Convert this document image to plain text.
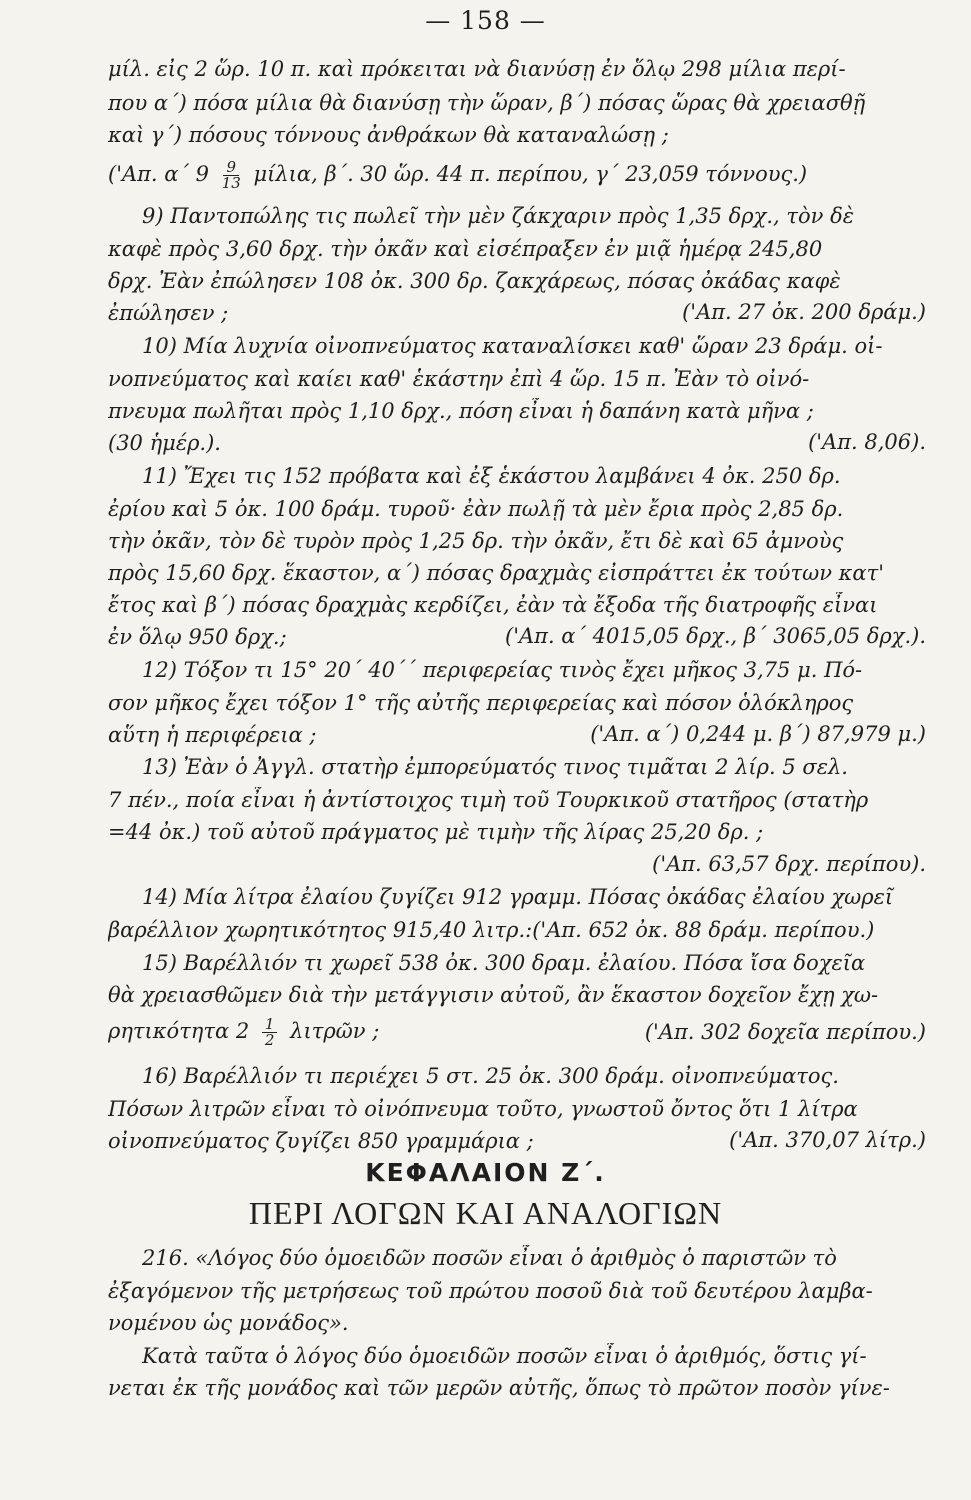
— 158 —
μίλ. εἰς 2 ὥρ. 10 π. καὶ πρόκειται νὰ διανύσῃ ἐν ὅλῳ 298 μίλια περί-
που α΄) πόσα μίλια θὰ διανύσῃ τὴν ὥραν, β΄) πόσας ὥρας θὰ χρειασθῇ
καὶ γ΄) πόσους τόννους ἀνθράκων θὰ καταναλώσῃ ;
('Απ. α΄ $9 \frac{9}{13} \mu ί\lambda\iota\alpha$, β΄. 30 ὥρ. 44 π. περίπου, γ΄ 23,059 τόννους.)
9) Παντοπώλης τις πωλεῖ τὴν μὲν ζάκχαριν πρὸς 1,35 δρχ., τὸν δὲ
καφὲ πρὸς 3,60 δρχ. τὴν ὀκᾶν καὶ εἰσέπραξεν ἐν μιᾷ ἡμέρᾳ 245,80
δρχ. Ἐὰν ἐπώλησεν 108 ὀκ. 300 δρ. ζακχάρεως, πόσας ὀκάδας καφὲ
ἐπώλησεν ;	('Απ. 27 ὀκ. 200 δράμ.)
10) Μία λυχνία οἰνοπνεύματος καταναλίσκει καθ' ὥραν 23 δράμ. οἰ-
νοπνεύματος καὶ καίει καθ' ἑκάστην ἐπὶ 4 ὥρ. 15 π. Ἐὰν τὸ οἰνό-
πνευμα πωλῆται πρὸς 1,10 δρχ., πόση εἶναι ἡ δαπάνη κατὰ μῆνα ;
(30 ἡμέρ.).	('Απ. 8,06).
11) Ἔχει τις 152 πρόβατα καὶ ἐξ ἑκάστου λαμβάνει 4 ὀκ. 250 δρ.
ἐρίου καὶ 5 ὀκ. 100 δράμ. τυροῦ· ἐὰν πωλῇ τὰ μὲν ἔρια πρὸς 2,85 δρ.
τὴν ὀκᾶν, τὸν δὲ τυρὸν πρὸς 1,25 δρ. τὴν ὀκᾶν, ἔτι δὲ καὶ 65 ἀμνοὺς
πρὸς 15,60 δρχ. ἕκαστον, α΄) πόσας δραχμὰς εἰσπράττει ἐκ τούτων κατ'
ἔτος καὶ β΄) πόσας δραχμὰς κερδίζει, ἐὰν τὰ ἔξοδα τῆς διατροφῆς εἶναι
ἐν ὅλῳ 950 δρχ.;	('Απ. α΄ 4015,05 δρχ., β΄ 3065,05 δρχ.).
12) Τόξον τι 15° 20΄ 40΄΄ περιφερείας τινὸς ἔχει μῆκος 3,75 μ. Πό-
σον μῆκος ἔχει τόξον 1° τῆς αὐτῆς περιφερείας καὶ πόσον ὁλόκληρος
αὕτη ἡ περιφέρεια ;	('Απ. α΄) 0,244 μ. β΄) 87,979 μ.)
13) Ἐὰν ὁ Ἀγγλ. στατὴρ ἐμπορεύματός τινος τιμᾶται 2 λίρ. 5 σελ.
7 πέν., ποία εἶναι ἡ ἀντίστοιχος τιμὴ τοῦ Τουρκικοῦ στατῆρος (στατὴρ
=44 ὀκ.) τοῦ αὐτοῦ πράγματος μὲ τιμὴν τῆς λίρας 25,20 δρ. ;
('Απ. 63,57 δρχ. περίπου).
14) Μία λίτρα ἐλαίου ζυγίζει 912 γραμμ. Πόσας ὀκάδας ἐλαίου χωρεῖ
βαρέλλιον χωρητικότητος 915,40 λιτρ.:('Απ. 652 ὀκ. 88 δράμ. περίπου.)
15) Βαρέλλιόν τι χωρεῖ 538 ὀκ. 300 δραμ. ἐλαίου. Πόσα ἴσα δοχεῖα
θὰ χρειασθῶμεν διὰ τὴν μετάγγισιν αὐτοῦ, ἂν ἕκαστον δοχεῖον ἔχῃ χω-
ρητικότητα $2 \frac{1}{2}$ λιτρῶν ;	('Απ. 302 δοχεῖα περίπου.)
16) Βαρέλλιόν τι περιέχει 5 στ. 25 ὀκ. 300 δράμ. οἰνοπνεύματος.
Πόσων λιτρῶν εἶναι τὸ οἰνόπνευμα τοῦτο, γνωστοῦ ὄντος ὅτι 1 λίτρα
οἰνοπνεύματος ζυγίζει 850 γραμμάρια ;	('Απ. 370,07 λίτρ.)
ΚΕΦΑΛΑΙΟΝ Ζ΄.
ΠΕΡΙ ΛΟΓΩΝ ΚΑΙ ΑΝΑΛΟΓΙΩΝ
216. «Λόγος δύο ὁμοειδῶν ποσῶν εἶναι ὁ ἀριθμὸς ὁ παριστῶν τὸ
ἐξαγόμενον τῆς μετρήσεως τοῦ πρώτου ποσοῦ διὰ τοῦ δευτέρου λαμβα-
νομένου ὡς μονάδος».
Κατὰ ταῦτα ὁ λόγος δύο ὁμοειδῶν ποσῶν εἶναι ὁ ἀριθμός, ὅστις γί-
νεται ἐκ τῆς μονάδος καὶ τῶν μερῶν αὐτῆς, ὅπως τὸ πρῶτον ποσὸν γίνε-
